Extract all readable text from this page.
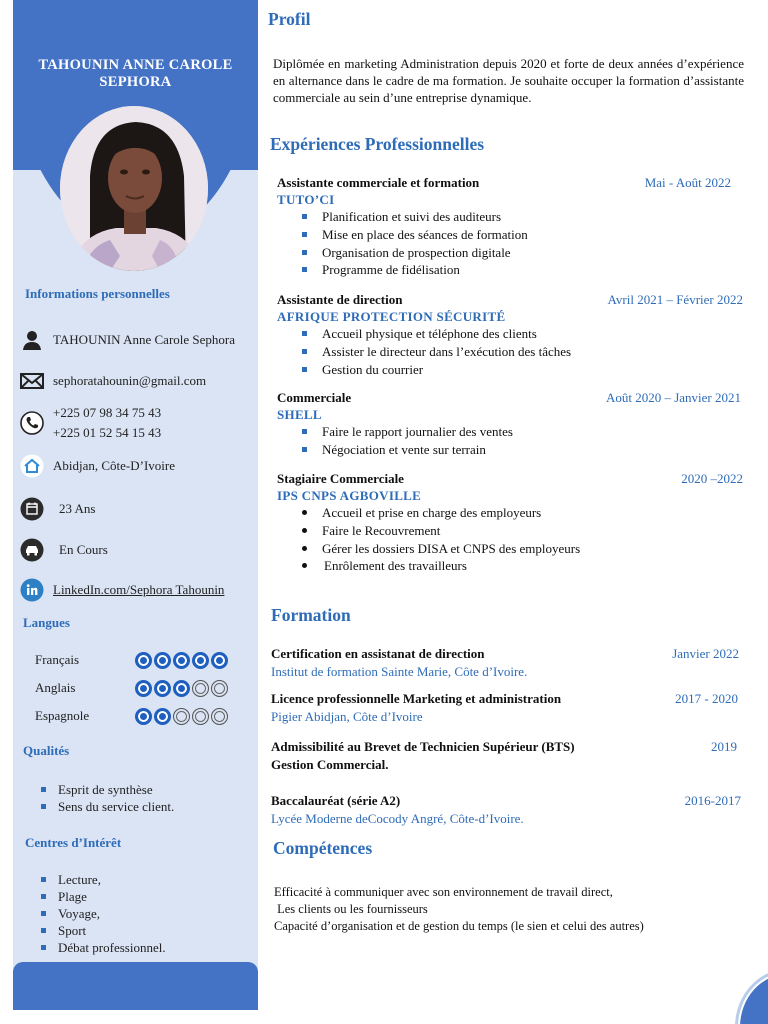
TAHOUNIN ANNE CAROLE
SEPHORA
Informations personnelles
TAHOUNIN Anne Carole Sephora
sephoratahounin@gmail.com
+225 07 98 34 75 43
+225 01 52 54 15 43
Abidjan, Côte-D’Ivoire
23 Ans
En Cours
LinkedIn.com/Sephora Tahounin
Langues
Français
Anglais
Espagnole
Qualités
Esprit de synthèse
Sens du service client.
Centres d’Intérêt
Lecture,
Plage
Voyage,
Sport
Débat professionnel.
Profil
Diplômée en marketing Administration depuis 2020 et forte de deux années d’expérience en alternance dans le cadre de ma formation. Je souhaite occuper la formation d’assistante commerciale au sein d’une entreprise dynamique.
Expériences Professionnelles
Assistante commerciale et formation	Mai - Août 2022
TUTO’CI
Planification et suivi des auditeurs
Mise en place des séances de formation
Organisation de prospection digitale
Programme de fidélisation
Assistante de direction	Avril 2021 – Février 2022
AFRIQUE PROTECTION SÉCURITÉ
Accueil physique et téléphone des clients
Assister le directeur dans l’exécution des tâches
Gestion du courrier
Commerciale	Août 2020 – Janvier 2021
SHELL
Faire le rapport journalier des ventes
Négociation et vente sur terrain
Stagiaire Commerciale	2020 –2022
IPS CNPS AGBOVILLE
Accueil et prise en charge des employeurs
Faire le Recouvrement
Gérer les dossiers DISA et CNPS des employeurs
Enrôlement des travailleurs
Formation
Certification en assistanat de direction	Janvier 2022
Institut de formation Sainte Marie, Côte d’Ivoire.
Licence professionnelle Marketing et administration	2017 - 2020
Pigier Abidjan, Côte d’Ivoire
Admissibilité au Brevet de Technicien Supérieur (BTS)	2019
Gestion Commercial.
Baccalauréat (série A2)	2016-2017
Lycée Moderne deCocody Angré, Côte-d’Ivoire.
Compétences
Efficacité à communiquer avec son environnement de travail direct,
Les clients ou les fournisseurs
Capacité d’organisation et de gestion du temps (le sien et celui des autres)
